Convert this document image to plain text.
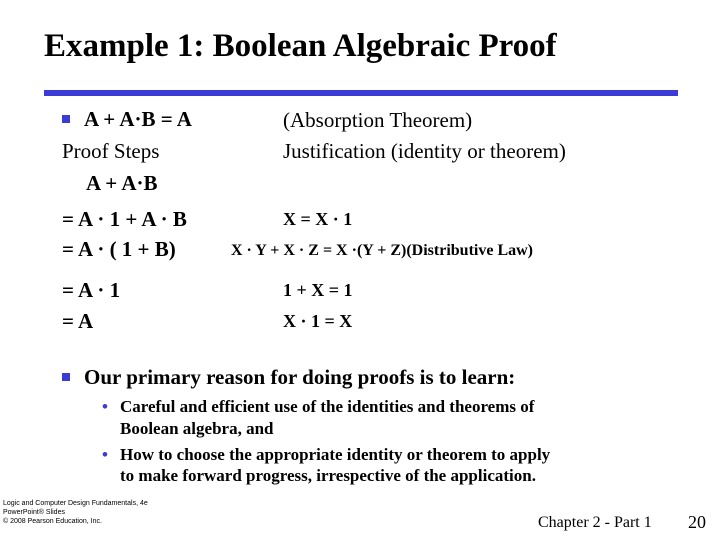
Example 1: Boolean Algebraic Proof
A + A·B = A	(Absorption Theorem)
Proof Steps	Justification (identity or theorem)
A + A·B
= A · 1 + A · B	X = X · 1
= A · ( 1 + B)	X · Y + X · Z = X ·(Y + Z)(Distributive Law)
= A · 1	1 + X = 1
= A	X · 1 = X
Our primary reason for doing proofs is to learn:
• Careful and efficient use of the identities and theorems of
Boolean algebra, and
• How to choose the appropriate identity or theorem to apply
to make forward progress, irrespective of the application.
Logic and Computer Design Fundamentals, 4e
PowerPoint® Slides
© 2008 Pearson Education, Inc.	Chapter 2 - Part 1 20
